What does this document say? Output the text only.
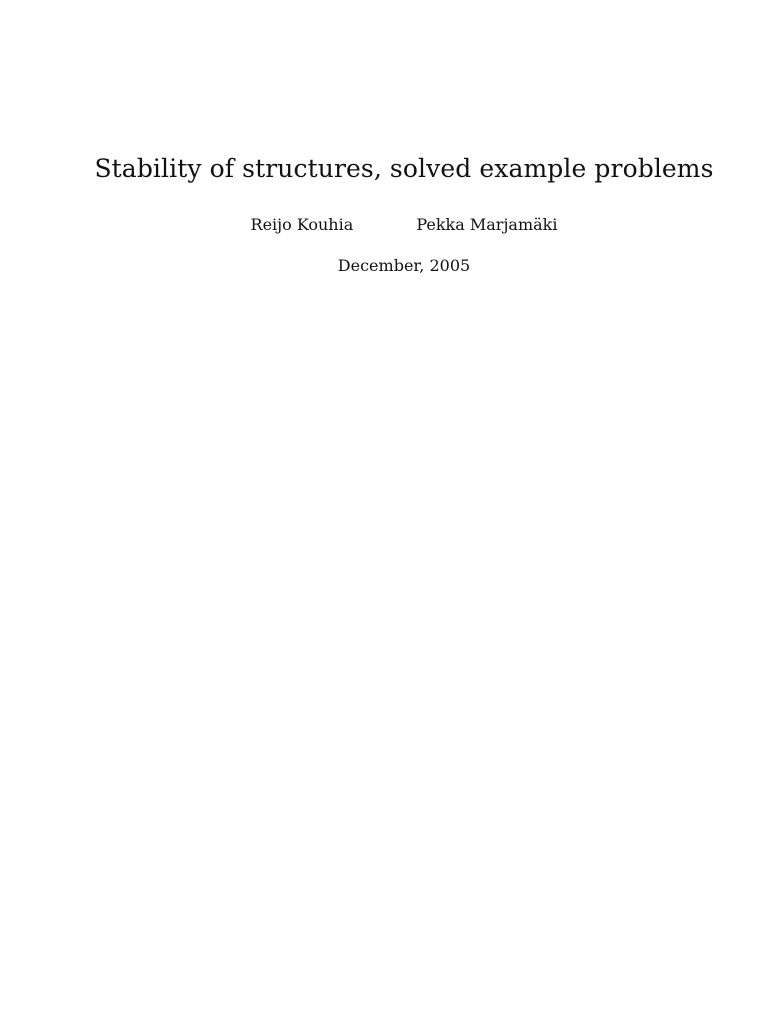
Stability of structures, solved example problems
Reijo Kouhia	Pekka Marjamäki
December, 2005
